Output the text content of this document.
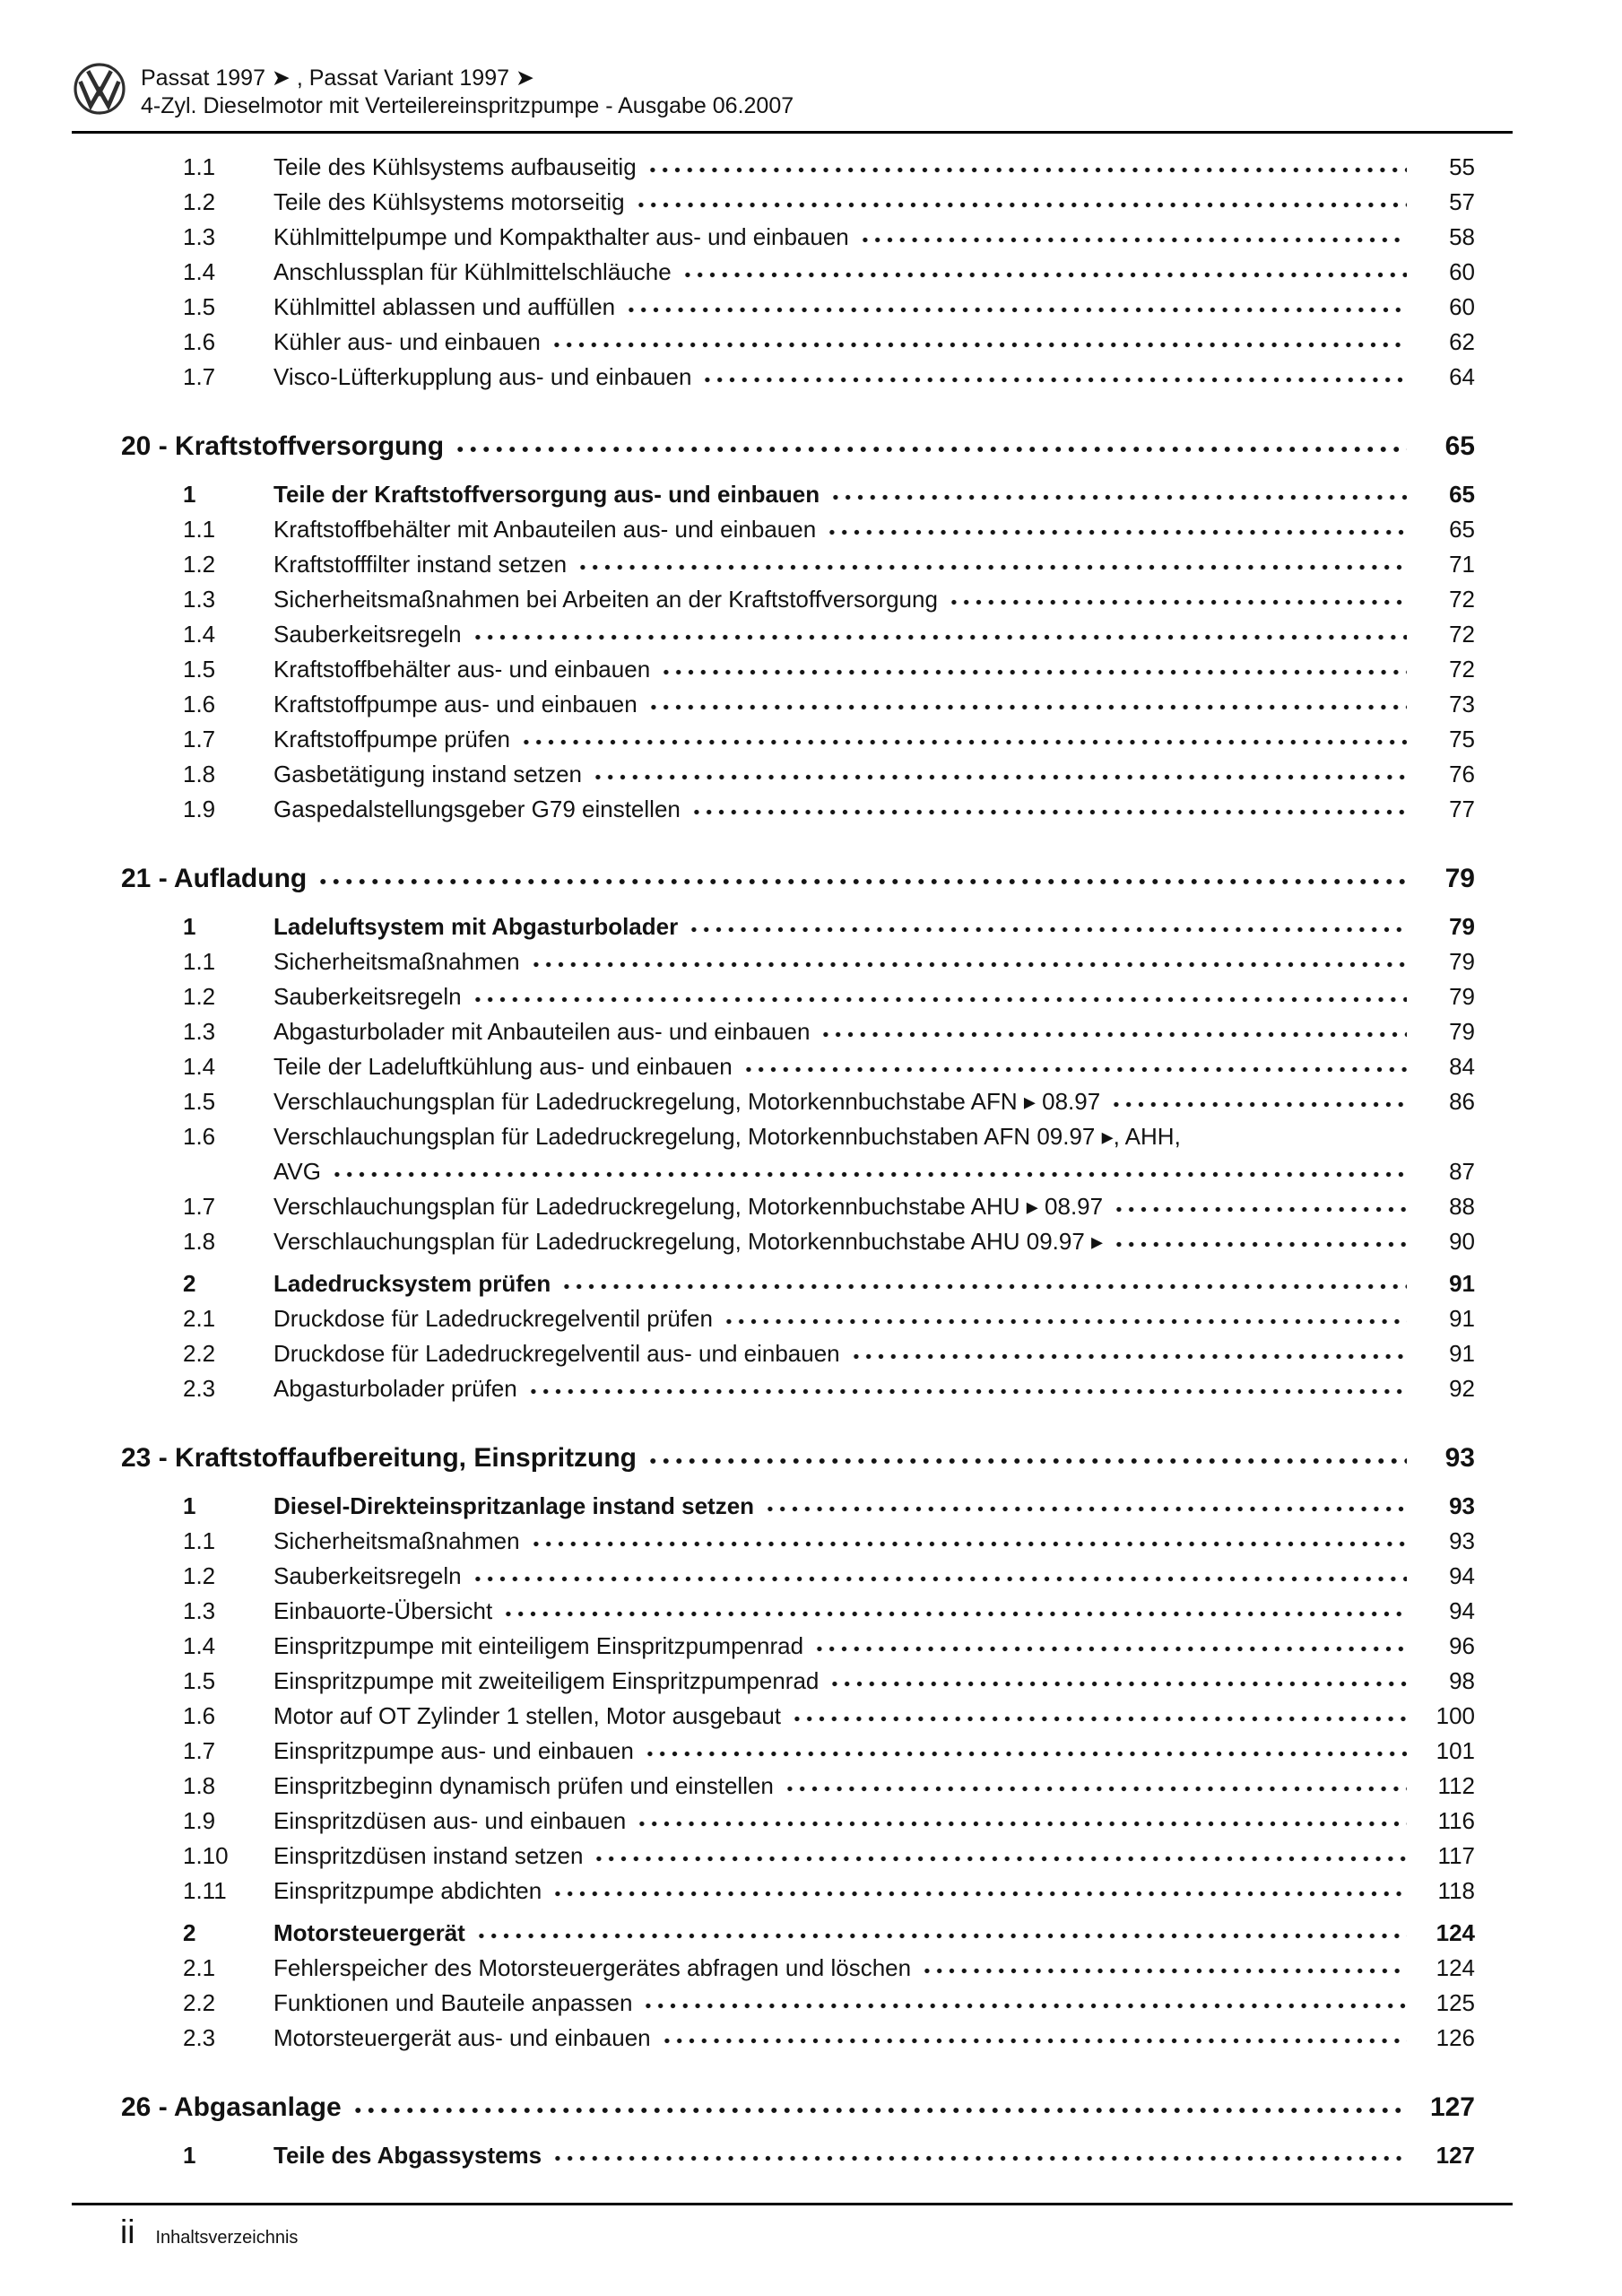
Passat 1997 ➤ , Passat Variant 1997 ➤
4-Zyl. Dieselmotor mit Verteilereinspritzpumpe - Ausgabe 06.2007
1.1	Teile des Kühlsystems aufbauseitig	55
1.2	Teile des Kühlsystems motorseitig	57
1.3	Kühlmittelpumpe und Kompakthalter aus- und einbauen	58
1.4	Anschlussplan für Kühlmittelschläuche	60
1.5	Kühlmittel ablassen und auffüllen	60
1.6	Kühler aus- und einbauen	62
1.7	Visco-Lüfterkupplung aus- und einbauen	64
20 - Kraftstoffversorgung	65
1	Teile der Kraftstoffversorgung aus- und einbauen	65
1.1	Kraftstoffbehälter mit Anbauteilen aus- und einbauen	65
1.2	Kraftstofffilter instand setzen	71
1.3	Sicherheitsmaßnahmen bei Arbeiten an der Kraftstoffversorgung	72
1.4	Sauberkeitsregeln	72
1.5	Kraftstoffbehälter aus- und einbauen	72
1.6	Kraftstoffpumpe aus- und einbauen	73
1.7	Kraftstoffpumpe prüfen	75
1.8	Gasbetätigung instand setzen	76
1.9	Gaspedalstellungsgeber G79 einstellen	77
21 - Aufladung	79
1	Ladeluftsystem mit Abgasturbolader	79
1.1	Sicherheitsmaßnahmen	79
1.2	Sauberkeitsregeln	79
1.3	Abgasturbolader mit Anbauteilen aus- und einbauen	79
1.4	Teile der Ladeluftkühlung aus- und einbauen	84
1.5	Verschlauchungsplan für Ladedruckregelung, Motorkennbuchstabe AFN ▸ 08.97	86
1.6	Verschlauchungsplan für Ladedruckregelung, Motorkennbuchstaben AFN 09.97 ▸, AHH,
AVG	87
1.7	Verschlauchungsplan für Ladedruckregelung, Motorkennbuchstabe AHU ▸ 08.97	88
1.8	Verschlauchungsplan für Ladedruckregelung, Motorkennbuchstabe AHU 09.97 ▸	90
2	Ladedrucksystem prüfen	91
2.1	Druckdose für Ladedruckregelventil prüfen	91
2.2	Druckdose für Ladedruckregelventil aus- und einbauen	91
2.3	Abgasturbolader prüfen	92
23 - Kraftstoffaufbereitung, Einspritzung	93
1	Diesel-Direkteinspritzanlage instand setzen	93
1.1	Sicherheitsmaßnahmen	93
1.2	Sauberkeitsregeln	94
1.3	Einbauorte-Übersicht	94
1.4	Einspritzpumpe mit einteiligem Einspritzpumpenrad	96
1.5	Einspritzpumpe mit zweiteiligem Einspritzpumpenrad	98
1.6	Motor auf OT Zylinder 1 stellen, Motor ausgebaut	100
1.7	Einspritzpumpe aus- und einbauen	101
1.8	Einspritzbeginn dynamisch prüfen und einstellen	112
1.9	Einspritzdüsen aus- und einbauen	116
1.10	Einspritzdüsen instand setzen	117
1.11	Einspritzpumpe abdichten	118
2	Motorsteuergerät	124
2.1	Fehlerspeicher des Motorsteuergerätes abfragen und löschen	124
2.2	Funktionen und Bauteile anpassen	125
2.3	Motorsteuergerät aus- und einbauen	126
26 - Abgasanlage	127
1	Teile des Abgassystems	127
ii Inhaltsverzeichnis
